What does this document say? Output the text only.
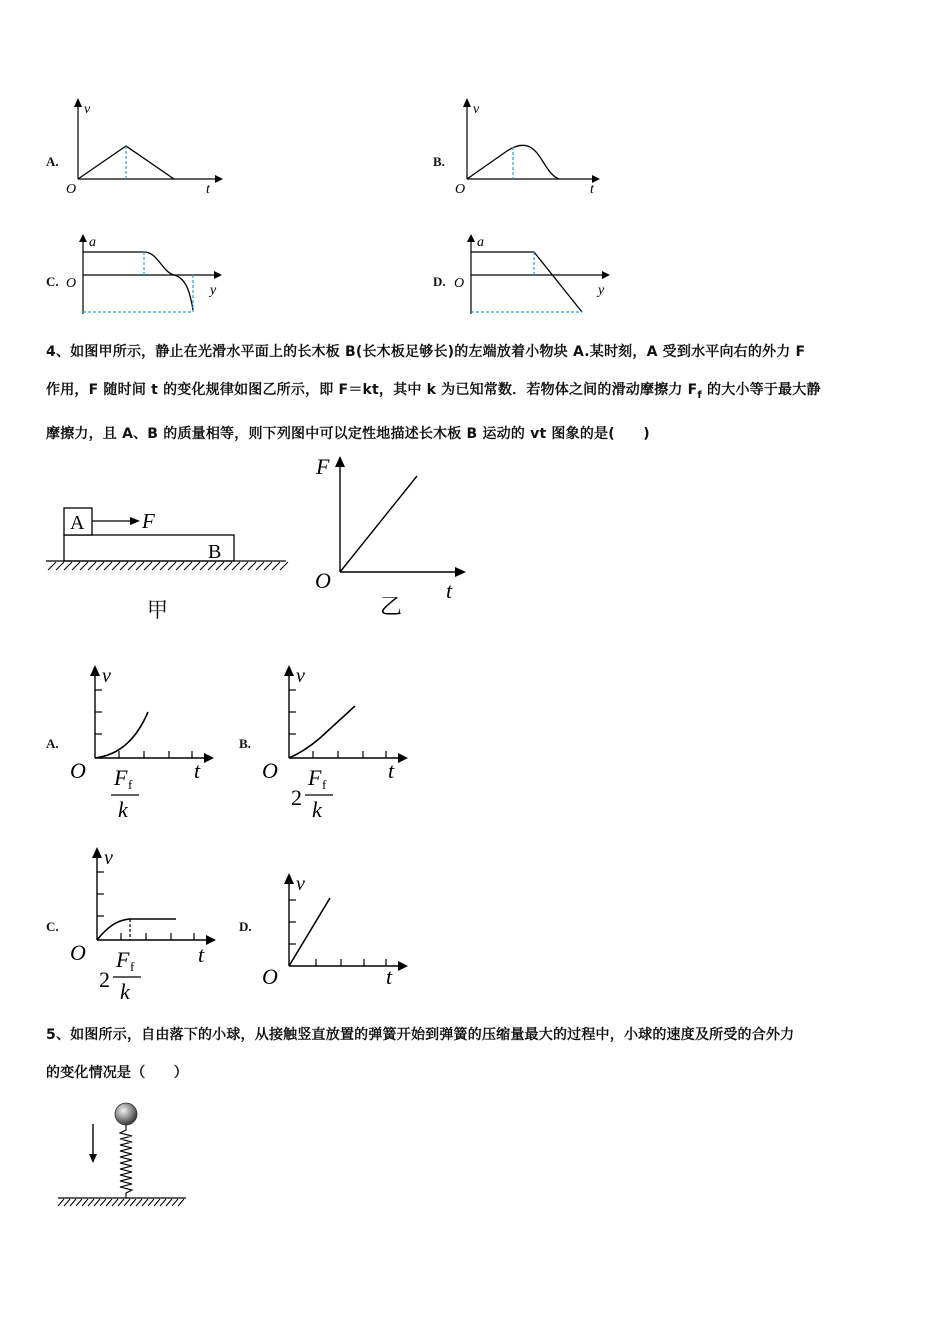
A.
v
O	t
B.
v
O	t
C.
a
O	y
D.
a
O	y
4、如图甲所示，静止在光滑水平面上的长木板 B(长木板足够长)的左端放着小物块 A.某时刻，A 受到水平向右的外力 F
作用，F 随时间 t 的变化规律如图乙所示，即 F＝kt，其中 k 为已知常数．若物体之间的滑动摩擦力 $F_f$ 的大小等于最大静
摩擦力，且 A、B 的质量相等，则下列图中可以定性地描述长木板 B 运动的 vt 图象的是(　　)
A	F
B
甲
F
O	t
乙
A.
v
O	t
F f
k
B.
v
O	t
2
F f
k
C.
v
O	t
2
F f
k
D.
v
O	t
5、如图所示，自由落下的小球，从接触竖直放置的弹簧开始到弹簧的压缩量最大的过程中，小球的速度及所受的合外力
的变化情况是（　　）
